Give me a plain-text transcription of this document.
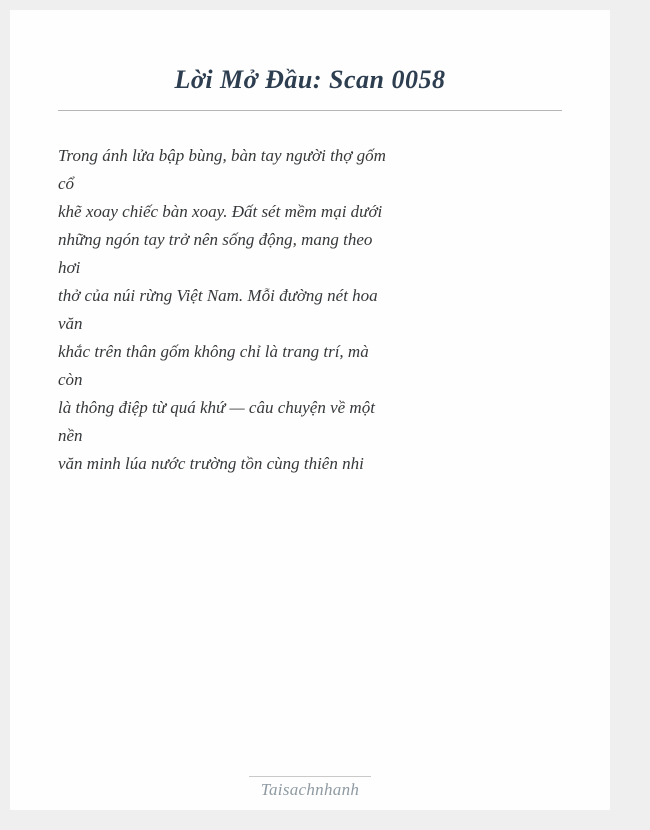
Lời Mở Đầu: Scan 0058
Trong ánh lửa bập bùng, bàn tay người thợ gốm
cổ
khẽ xoay chiếc bàn xoay. Đất sét mềm mại dưới
những ngón tay trở nên sống động, mang theo
hơi
thở của núi rừng Việt Nam. Mỗi đường nét hoa
văn
khắc trên thân gốm không chỉ là trang trí, mà
còn
là thông điệp từ quá khứ — câu chuyện về một
nền
văn minh lúa nước trường tồn cùng thiên nhi
Taisachnhanh
